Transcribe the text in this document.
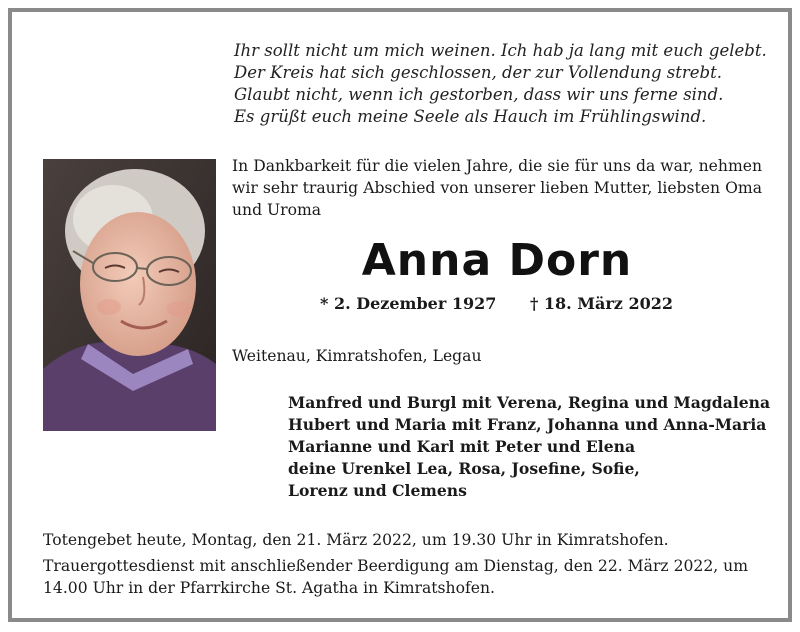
Ihr sollt nicht um mich weinen. Ich hab ja lang mit euch gelebt.
Der Kreis hat sich geschlossen, der zur Vollendung strebt.
Glaubt nicht, wenn ich gestorben, dass wir uns ferne sind.
Es grüßt euch meine Seele als Hauch im Frühlingswind.
In Dankbarkeit für die vielen Jahre, die sie für uns da war, nehmen wir sehr traurig Abschied von unserer lieben Mutter, liebsten Oma und Uroma
Anna Dorn
* 2. Dezember 1927 † 18. März 2022
Weitenau, Kimratshofen, Legau
Manfred und Burgl mit Verena, Regina und Magdalena
Hubert und Maria mit Franz, Johanna und Anna-Maria
Marianne und Karl mit Peter und Elena
deine Urenkel Lea, Rosa, Josefine, Sofie,
Lorenz und Clemens
Totengebet heute, Montag, den 21. März 2022, um 19.30 Uhr in Kimratshofen.
Trauergottesdienst mit anschließender Beerdigung am Dienstag, den 22. März 2022, um 14.00 Uhr in der Pfarrkirche St. Agatha in Kimratshofen.
